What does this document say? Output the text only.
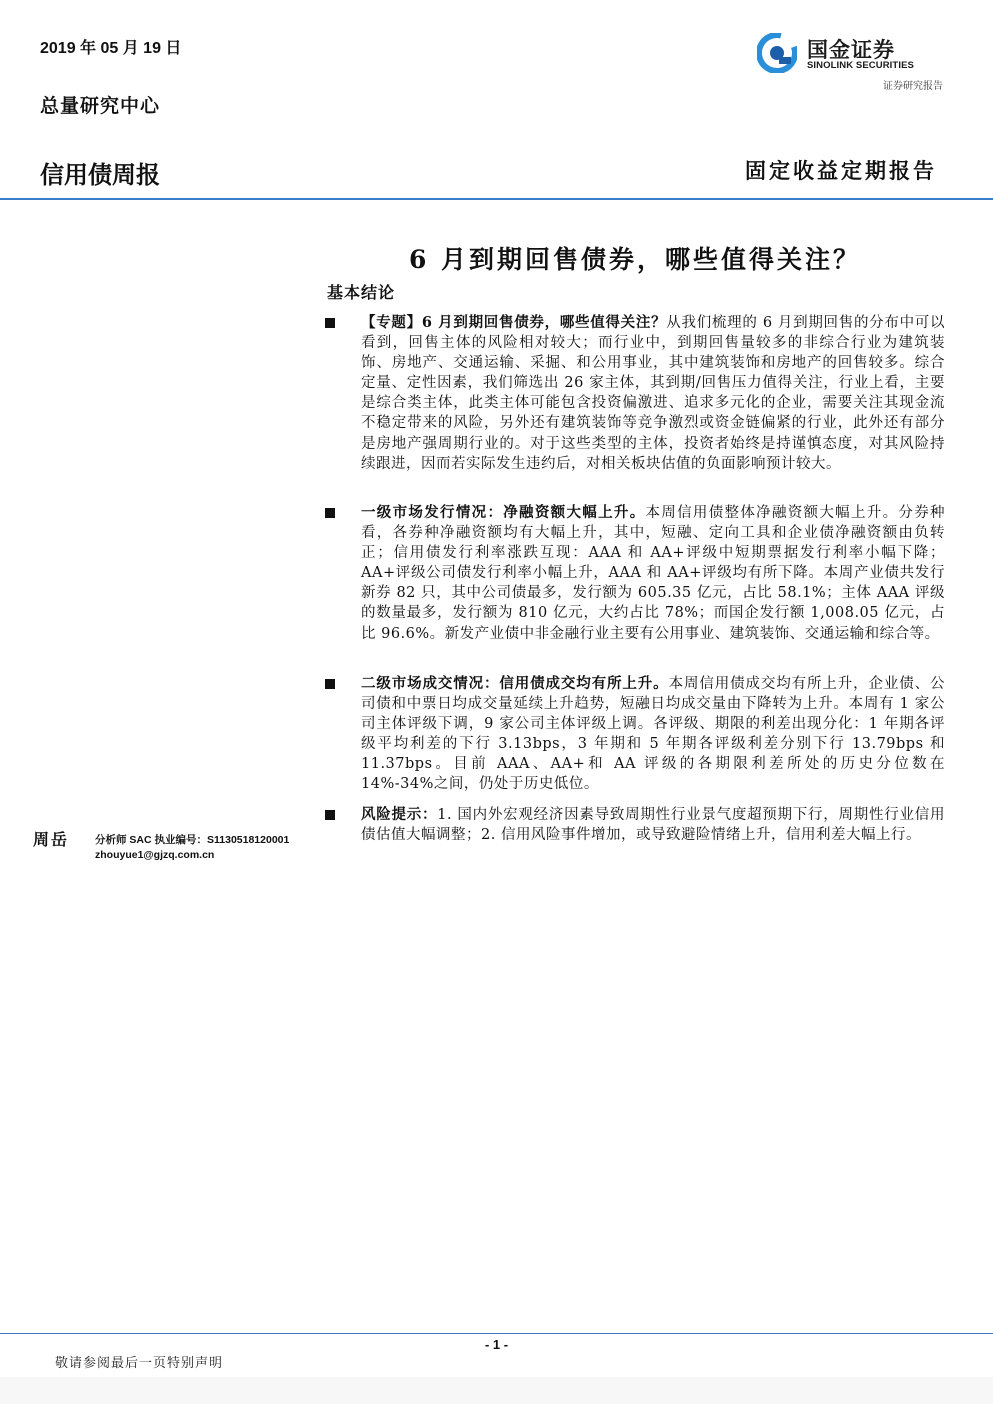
2019 年 05 月 19 日
总量研究中心
信用债周报	固定收益定期报告
国金证券
SINOLINK SECURITIES
证券研究报告
6 月到期回售债券，哪些值得关注？
基本结论
【专题】6 月到期回售债券，哪些值得关注？从我们梳理的 6 月到期回售的分布中可以看到，回售主体的风险相对较大；而行业中，到期回售量较多的非综合行业为建筑装饰、房地产、交通运输、采掘、和公用事业，其中建筑装饰和房地产的回售较多。综合定量、定性因素，我们筛选出 26 家主体，其到期/回售压力值得关注，行业上看，主要是综合类主体，此类主体可能包含投资偏激进、追求多元化的企业，需要关注其现金流不稳定带来的风险，另外还有建筑装饰等竞争激烈或资金链偏紧的行业，此外还有部分是房地产强周期行业的。对于这些类型的主体，投资者始终是持谨慎态度，对其风险持续跟进，因而若实际发生违约后，对相关板块估值的负面影响预计较大。
一级市场发行情况：净融资额大幅上升。本周信用债整体净融资额大幅上升。分券种看，各券种净融资额均有大幅上升，其中，短融、定向工具和企业债净融资额由负转正；信用债发行利率涨跌互现：AAA 和 AA+评级中短期票据发行利率小幅下降；AA+评级公司债发行利率小幅上升，AAA 和 AA+评级均有所下降。本周产业债共发行新券 82 只，其中公司债最多，发行额为 605.35 亿元，占比 58.1%；主体 AAA 评级的数量最多，发行额为 810 亿元，大约占比 78%；而国企发行额 1,008.05 亿元，占比 96.6%。新发产业债中非金融行业主要有公用事业、建筑装饰、交通运输和综合等。
二级市场成交情况：信用债成交均有所上升。本周信用债成交均有所上升，企业债、公司债和中票日均成交量延续上升趋势，短融日均成交量由下降转为上升。本周有 1 家公司主体评级下调，9 家公司主体评级上调。各评级、期限的利差出现分化：1 年期各评级平均利差的下行 3.13bps，3 年期和 5 年期各评级利差分别下行 13.79bps 和 11.37bps。目前 AAA、AA+和 AA 评级的各期限利差所处的历史分位数在 14%-34%之间，仍处于历史低位。
风险提示：1. 国内外宏观经济因素导致周期性行业景气度超预期下行，周期性行业信用债估值大幅调整；2. 信用风险事件增加，或导致避险情绪上升，信用利差大幅上行。
周岳 分析师 SAC 执业编号：S1130518120001
zhouyue1@gjzq.com.cn
- 1 -
敬请参阅最后一页特别声明
